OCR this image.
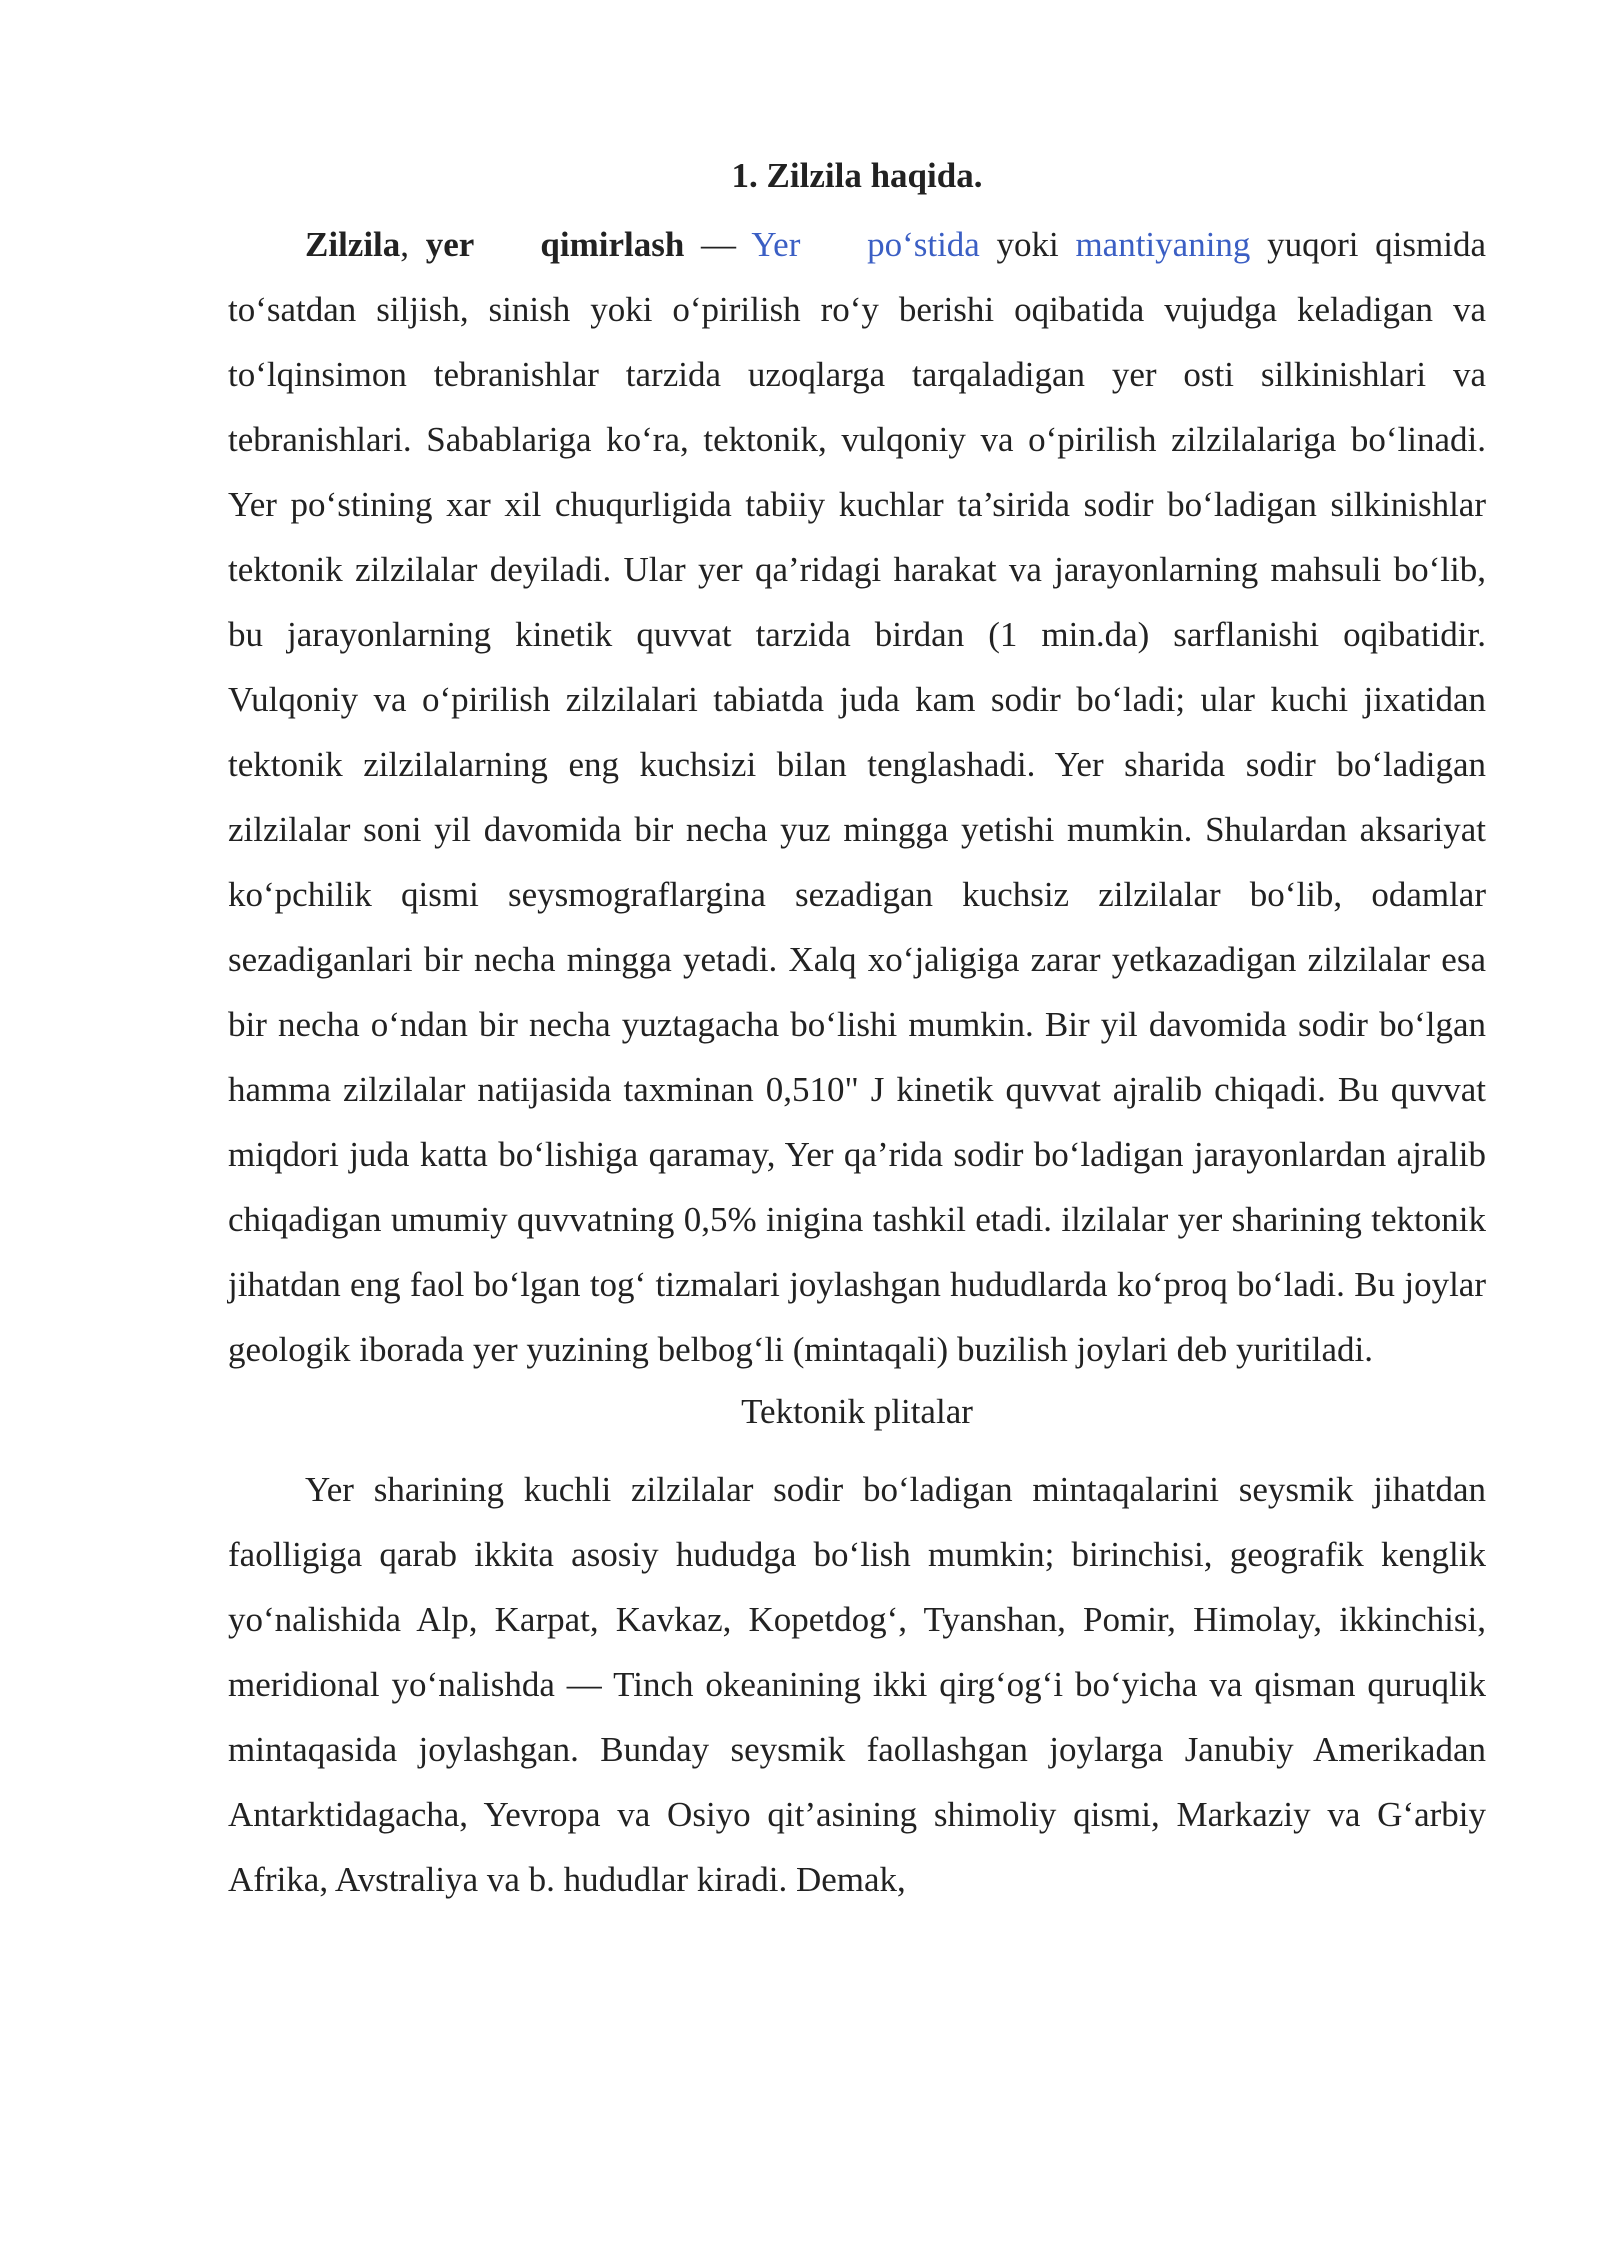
1. Zilzila haqida.

Zilzila, yer    qimirlash — Yer    po‘stida yoki mantiyaning yuqori qismida to‘satdan siljish, sinish yoki o‘pirilish ro‘y berishi oqibatida vujudga keladigan va to‘lqinsimon tebranishlar tarzida uzoqlarga tarqaladigan yer osti silkinishlari va tebranishlari. Sabablariga ko‘ra, tektonik, vulqoniy va o‘pirilish zilzilalariga bo‘linadi. Yer po‘stining xar xil chuqurligida tabiiy kuchlar ta’sirida sodir bo‘ladigan silkinishlar tektonik zilzilalar deyiladi. Ular yer qa’ridagi harakat va jarayonlarning mahsuli bo‘lib, bu jarayonlarning kinetik quvvat tarzida birdan (1 min.da) sarflanishi oqibatidir. Vulqoniy va o‘pirilish zilzilalari tabiatda juda kam sodir bo‘ladi; ular kuchi jixatidan tektonik zilzilalarning eng kuchsizi bilan tenglashadi. Yer sharida sodir bo‘ladigan zilzilalar soni yil davomida bir necha yuz mingga yetishi mumkin. Shulardan aksariyat ko‘pchilik qismi seysmograflargina sezadigan kuchsiz zilzilalar bo‘lib, odamlar sezadiganlari bir necha mingga yetadi. Xalq xo‘jaligiga zarar yetkazadigan zilzilalar esa bir necha o‘ndan bir necha yuztagacha bo‘lishi mumkin. Bir yil davomida sodir bo‘lgan hamma zilzilalar natijasida taxminan 0,510" J kinetik quvvat ajralib chiqadi. Bu quvvat miqdori juda katta bo‘lishiga qaramay, Yer qa’rida sodir bo‘ladigan jarayonlardan ajralib chiqadigan umumiy quvvatning 0,5% inigina tashkil etadi. ilzilalar yer sharining tektonik jihatdan eng faol bo‘lgan tog‘ tizmalari joylashgan hududlarda ko‘proq bo‘ladi. Bu joylar geologik iborada yer yuzining belbog‘li (mintaqali) buzilish joylari deb yuritiladi.

Tektonik plitalar

Yer sharining kuchli zilzilalar sodir bo‘ladigan mintaqalarini seysmik jihatdan faolligiga qarab ikkita asosiy hududga bo‘lish mumkin; birinchisi, geografik kenglik yo‘nalishida Alp, Karpat, Kavkaz, Kopetdog‘, Tyanshan, Pomir, Himolay, ikkinchisi, meridional yo‘nalishda — Tinch okeanining ikki qirg‘og‘i bo‘yicha va qisman quruqlik mintaqasida joylashgan. Bunday seysmik faollashgan joylarga Janubiy Amerikadan Antarktidagacha, Yevropa va Osiyo qit’asining shimoliy qismi, Markaziy va G‘arbiy Afrika, Avstraliya va b. hududlar kiradi. Demak,
